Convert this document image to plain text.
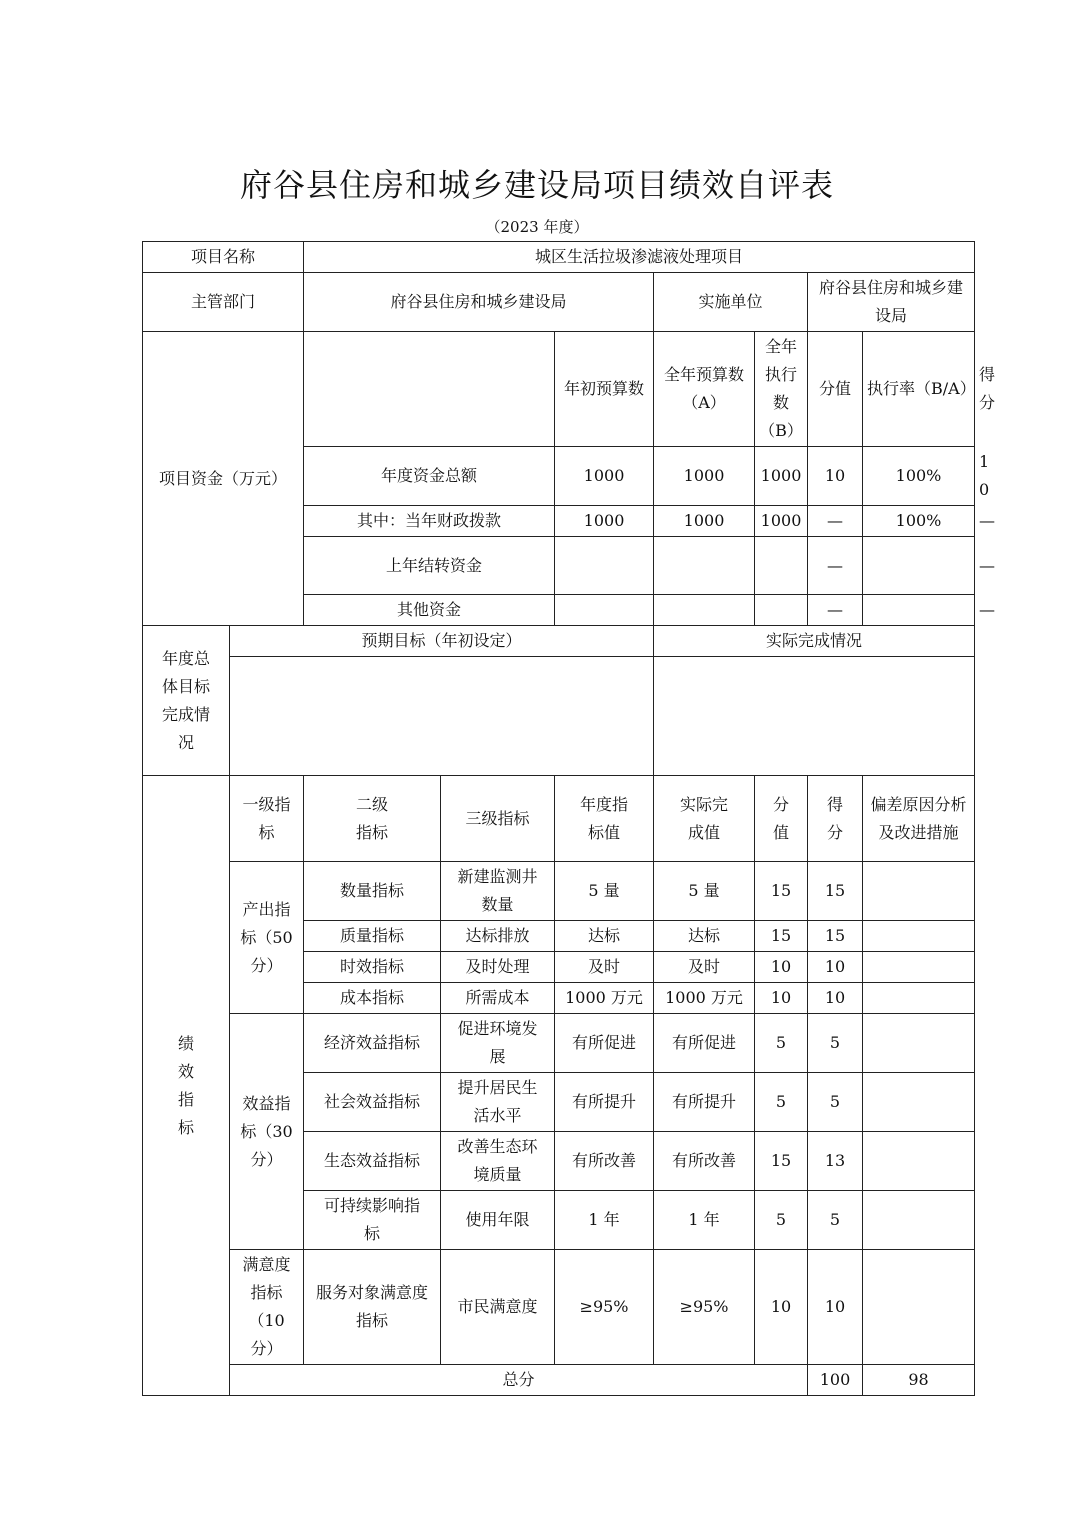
府谷县住房和城乡建设局项目绩效自评表
（2023 年度）
项目名称		城区生活拉圾渗滤液处理项目							
主管部门		府谷县住房和城乡建设局			实施单位		府谷县住房和城乡建设局		
项目资金（万元）				年初预算数	全年预算数（A）	全年执行数（B）	分值	执行率（B/A）	得分
		年度资金总额		1000	1000	1000	10	100%	10
		其中：当年财政拨款		1000	1000	1000	—	100%	—
		上年结转资金					—		—
		其他资金					—		—
年度总体目标完成情况	预期目标（年初设定）				实际完成情况				

绩效指标	一级指标	二级指标	三级指标	年度指标值	实际完成值	分值	得分	偏差原因分析及改进措施	
	产出指标（50分）	数量指标	新建监测井数量	5 量	5 量	15	15		
		质量指标	达标排放	达标	达标	15	15		
		时效指标	及时处理	及时	及时	10	10		
		成本指标	所需成本	1000 万元	1000 万元	10	10		
	效益指标（30分）	经济效益指标	促进环境发展	有所促进	有所促进	5	5		
		社会效益指标	提升居民生活水平	有所提升	有所提升	5	5		
		生态效益指标	改善生态环境质量	有所改善	有所改善	15	13		
		可持续影响指标	使用年限	1 年	1 年	5	5		
	满意度指标（10分）	服务对象满意度指标	市民满意度	≥95%	≥95%	10	10		
	总分						100	98	
